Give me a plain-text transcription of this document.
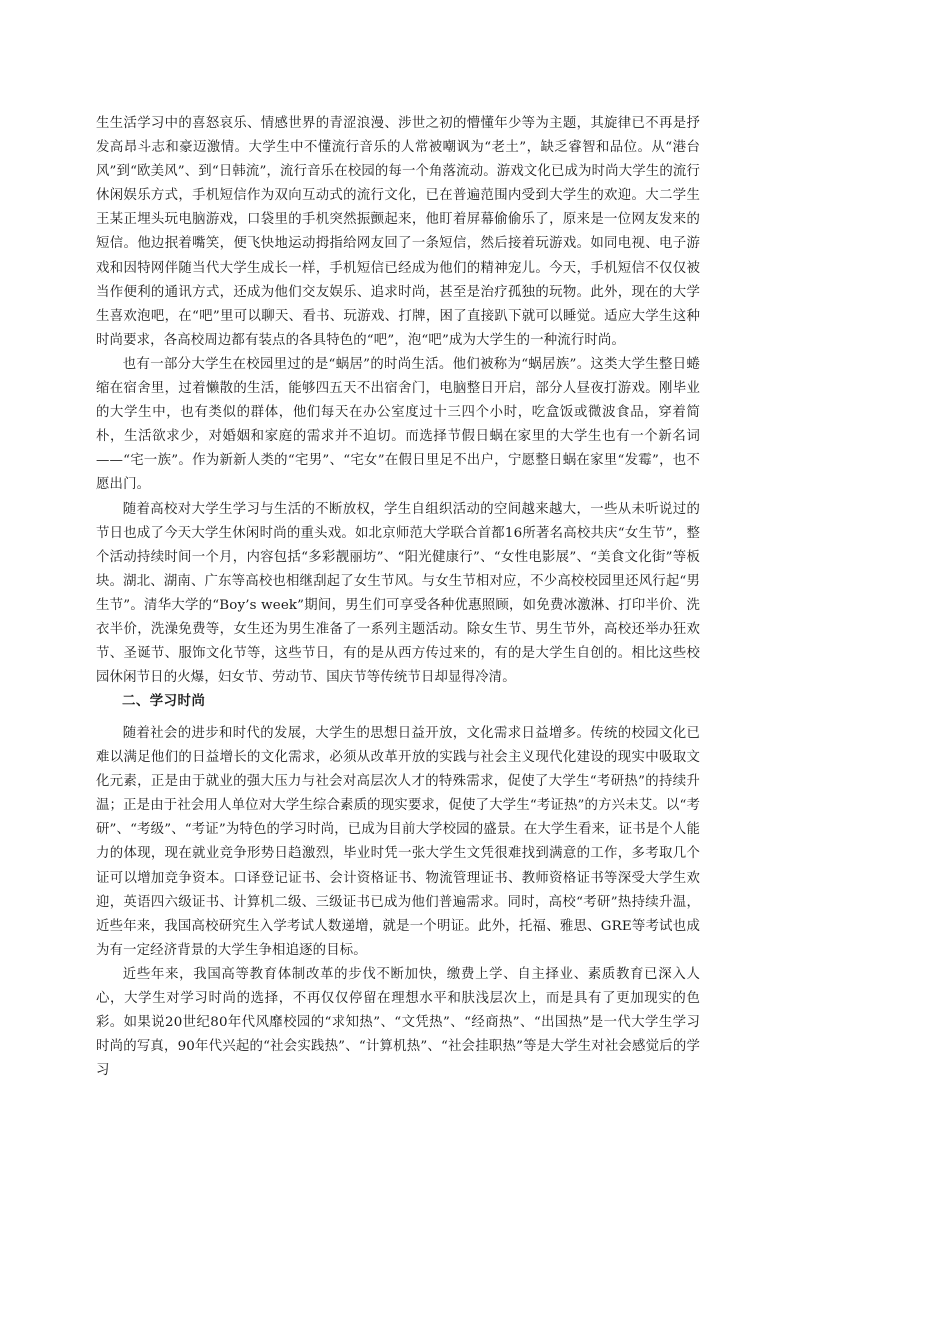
生生活学习中的喜怒哀乐、情感世界的青涩浪漫、涉世之初的懵懂年少等为主题，其旋律已不再是抒发高昂斗志和豪迈激情。大学生中不懂流行音乐的人常被嘲讽为“老土”，缺乏睿智和品位。从“港台风”到“欧美风”、到“日韩流”，流行音乐在校园的每一个角落流动。游戏文化已成为时尚大学生的流行休闲娱乐方式，手机短信作为双向互动式的流行文化，已在普遍范围内受到大学生的欢迎。大二学生王某正埋头玩电脑游戏，口袋里的手机突然振颤起来，他盯着屏幕偷偷乐了，原来是一位网友发来的短信。他边抿着嘴笑，便飞快地运动拇指给网友回了一条短信，然后接着玩游戏。如同电视、电子游戏和因特网伴随当代大学生成长一样，手机短信已经成为他们的精神宠儿。今天，手机短信不仅仅被当作便利的通讯方式，还成为他们交友娱乐、追求时尚，甚至是治疗孤独的玩物。此外，现在的大学生喜欢泡吧，在“吧”里可以聊天、看书、玩游戏、打牌，困了直接趴下就可以睡觉。适应大学生这种时尚要求，各高校周边都有装点的各具特色的“吧”，泡“吧”成为大学生的一种流行时尚。

也有一部分大学生在校园里过的是“蜗居”的时尚生活。他们被称为“蜗居族”。这类大学生整日蜷缩在宿舍里，过着懒散的生活，能够四五天不出宿舍门，电脑整日开启，部分人昼夜打游戏。刚毕业的大学生中，也有类似的群体，他们每天在办公室度过十三四个小时，吃盒饭或微波食品，穿着简朴，生活欲求少，对婚姻和家庭的需求并不迫切。而选择节假日蜗在家里的大学生也有一个新名词——“宅一族”。作为新新人类的“宅男”、“宅女”在假日里足不出户，宁愿整日蜗在家里“发霉”，也不愿出门。

随着高校对大学生学习与生活的不断放权，学生自组织活动的空间越来越大，一些从未听说过的节日也成了今天大学生休闲时尚的重头戏。如北京师范大学联合首都16所著名高校共庆“女生节”，整个活动持续时间一个月，内容包括“多彩靓丽坊”、“阳光健康行”、“女性电影展”、“美食文化街”等板块。湖北、湖南、广东等高校也相继刮起了女生节风。与女生节相对应，不少高校校园里还风行起“男生节”。清华大学的“Boy’s week”期间，男生们可享受各种优惠照顾，如免费冰激淋、打印半价、洗衣半价，洗澡免费等，女生还为男生准备了一系列主题活动。除女生节、男生节外，高校还举办狂欢节、圣诞节、服饰文化节等，这些节日，有的是从西方传过来的，有的是大学生自创的。相比这些校园休闲节日的火爆，妇女节、劳动节、国庆节等传统节日却显得冷清。

二、学习时尚

随着社会的进步和时代的发展，大学生的思想日益开放，文化需求日益增多。传统的校园文化已难以满足他们的日益增长的文化需求，必须从改革开放的实践与社会主义现代化建设的现实中吸取文化元素，正是由于就业的强大压力与社会对高层次人才的特殊需求，促使了大学生“考研热”的持续升温；正是由于社会用人单位对大学生综合素质的现实要求，促使了大学生“考证热”的方兴未艾。以“考研”、“考级”、“考证”为特色的学习时尚，已成为目前大学校园的盛景。在大学生看来，证书是个人能力的体现，现在就业竞争形势日趋激烈，毕业时凭一张大学生文凭很难找到满意的工作，多考取几个证可以增加竞争资本。口译登记证书、会计资格证书、物流管理证书、教师资格证书等深受大学生欢迎，英语四六级证书、计算机二级、三级证书已成为他们普遍需求。同时，高校“考研”热持续升温，近些年来，我国高校研究生入学考试人数递增，就是一个明证。此外，托福、雅思、GRE等考试也成为有一定经济背景的大学生争相追逐的目标。

近些年来，我国高等教育体制改革的步伐不断加快，缴费上学、自主择业、素质教育已深入人心，大学生对学习时尚的选择，不再仅仅停留在理想水平和肤浅层次上，而是具有了更加现实的色彩。如果说20世纪80年代风靡校园的“求知热”、“文凭热”、“经商热”、“出国热”是一代大学生学习时尚的写真，90年代兴起的“社会实践热”、“计算机热”、“社会挂职热”等是大学生对社会感觉后的学习
